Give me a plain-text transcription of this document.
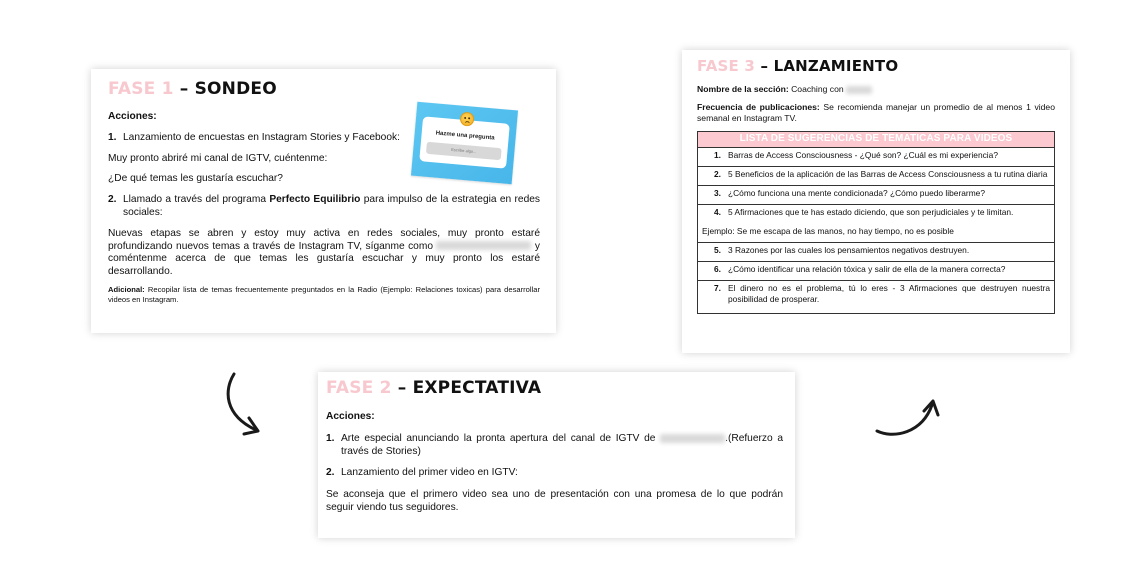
FASE 1 – SONDEO
Acciones:
1. Lanzamiento de encuestas en Instagram Stories y Facebook:
Muy pronto abriré mi canal de IGTV, cuéntenme:
¿De qué temas les gustaría escuchar?
2. Llamado a través del programa Perfecto Equilibrio para impulso de la estrategia en redes sociales:
Nuevas etapas se abren y estoy muy activa en redes sociales, muy pronto estaré profundizando nuevos temas a través de Instagram TV, síganme como	y coméntenme acerca de que temas les gustaría escuchar y muy pronto los estaré desarrollando.
Adicional: Recopilar lista de temas frecuentemente preguntados en la Radio (Ejemplo: Relaciones toxicas) para desarrollar videos en Instagram.
Hazme una pregunta
Escribe algo...
FASE 3 – LANZAMIENTO
Nombre de la sección: Coaching con
Frecuencia de publicaciones: Se recomienda manejar un promedio de al menos 1 video semanal en Instagram TV.
LISTA DE SUGERENCIAS DE TEMATICAS PARA VIDEOS
1. Barras de Access Consciousness - ¿Qué son? ¿Cuál es mi experiencia?
2. 5 Beneficios de la aplicación de las Barras de Access Consciousness a tu rutina diaria
3. ¿Cómo funciona una mente condicionada? ¿Cómo puedo liberarme?
4. 5 Afirmaciones que te has estado diciendo, que son perjudiciales y te limitan.
Ejemplo: Se me escapa de las manos, no hay tiempo, no es posible
5. 3 Razones por las cuales los pensamientos negativos destruyen.
6. ¿Cómo identificar una relación tóxica y salir de ella de la manera correcta?
7. El dinero no es el problema, tú lo eres - 3 Afirmaciones que destruyen nuestra posibilidad de prosperar.
FASE 2 – EXPECTATIVA
Acciones:
1. Arte especial anunciando la pronta apertura del canal de IGTV de	.(Refuerzo a través de Stories)
2. Lanzamiento del primer video en IGTV:
Se aconseja que el primero video sea uno de presentación con una promesa de lo que podrán seguir viendo tus seguidores.
